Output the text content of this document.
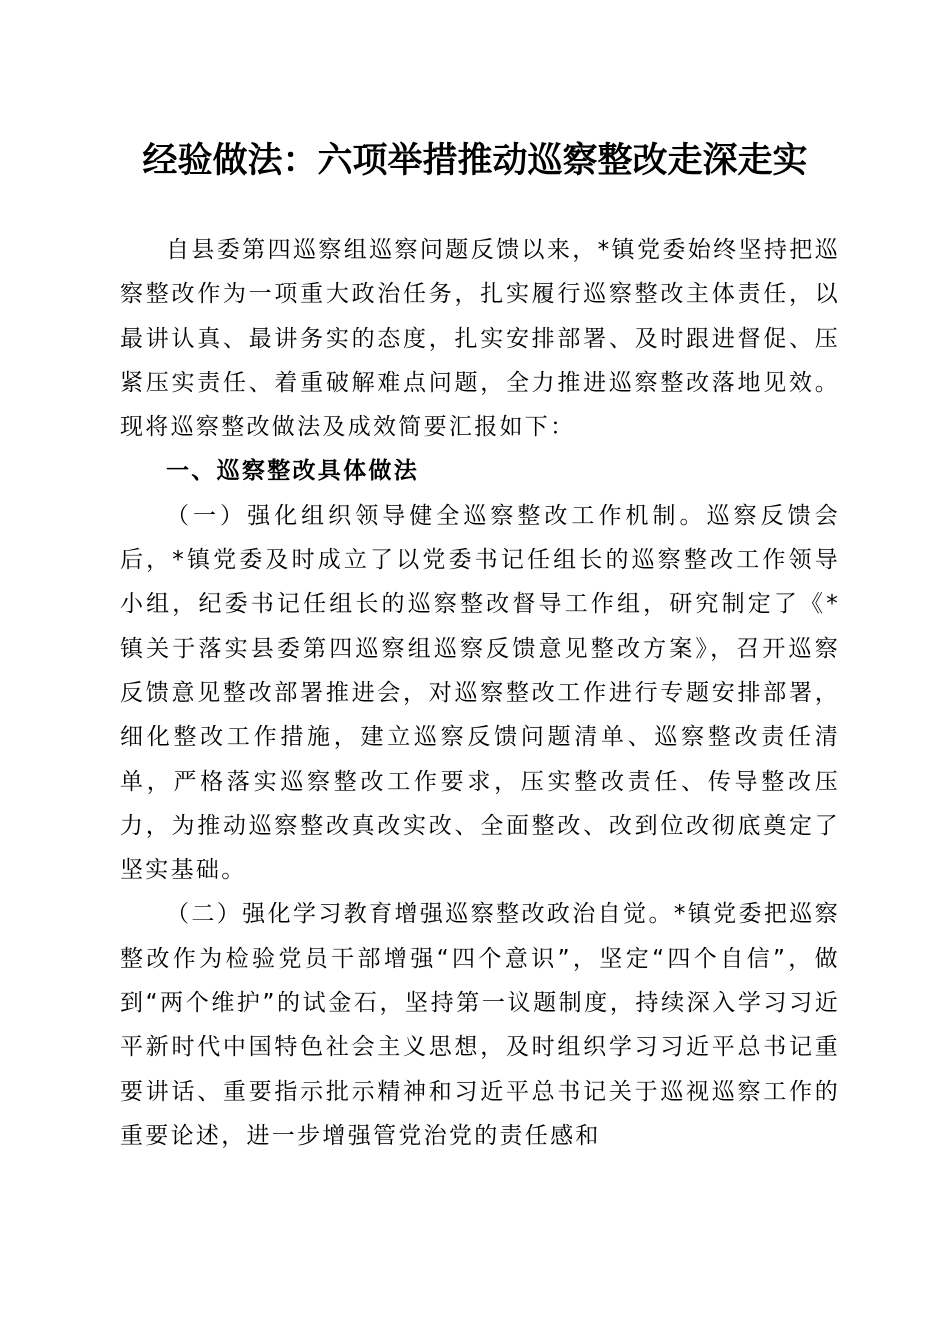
经验做法：六项举措推动巡察整改走深走实

自县委第四巡察组巡察问题反馈以来，*镇党委始终坚持把巡察整改作为一项重大政治任务，扎实履行巡察整改主体责任，以最讲认真、最讲务实的态度，扎实安排部署、及时跟进督促、压紧压实责任、着重破解难点问题，全力推进巡察整改落地见效。现将巡察整改做法及成效简要汇报如下：

一、巡察整改具体做法

（一）强化组织领导健全巡察整改工作机制。巡察反馈会后，*镇党委及时成立了以党委书记任组长的巡察整改工作领导小组，纪委书记任组长的巡察整改督导工作组，研究制定了《*镇关于落实县委第四巡察组巡察反馈意见整改方案》，召开巡察反馈意见整改部署推进会，对巡察整改工作进行专题安排部署，细化整改工作措施，建立巡察反馈问题清单、巡察整改责任清单，严格落实巡察整改工作要求，压实整改责任、传导整改压力，为推动巡察整改真改实改、全面整改、改到位改彻底奠定了坚实基础。

（二）强化学习教育增强巡察整改政治自觉。*镇党委把巡察整改作为检验党员干部增强“四个意识”，坚定“四个自信”，做到“两个维护”的试金石，坚持第一议题制度，持续深入学习习近平新时代中国特色社会主义思想，及时组织学习习近平总书记重要讲话、重要指示批示精神和习近平总书记关于巡视巡察工作的重要论述，进一步增强管党治党的责任感和
